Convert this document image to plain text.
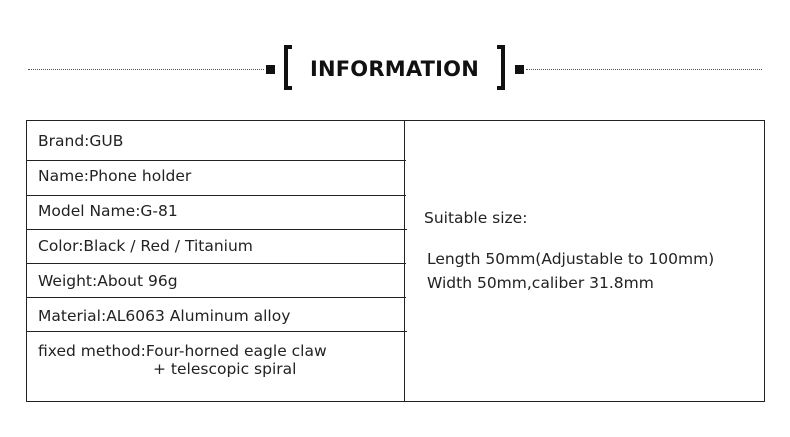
INFORMATION
Brand:GUB
Name:Phone holder
Model Name:G-81
Color:Black / Red / Titanium
Weight:About 96g
Material:AL6063 Aluminum alloy
fixed method:Four-horned eagle claw
+ telescopic spiral
Suitable size:
Length 50mm(Adjustable to 100mm)
Width 50mm,caliber 31.8mm
